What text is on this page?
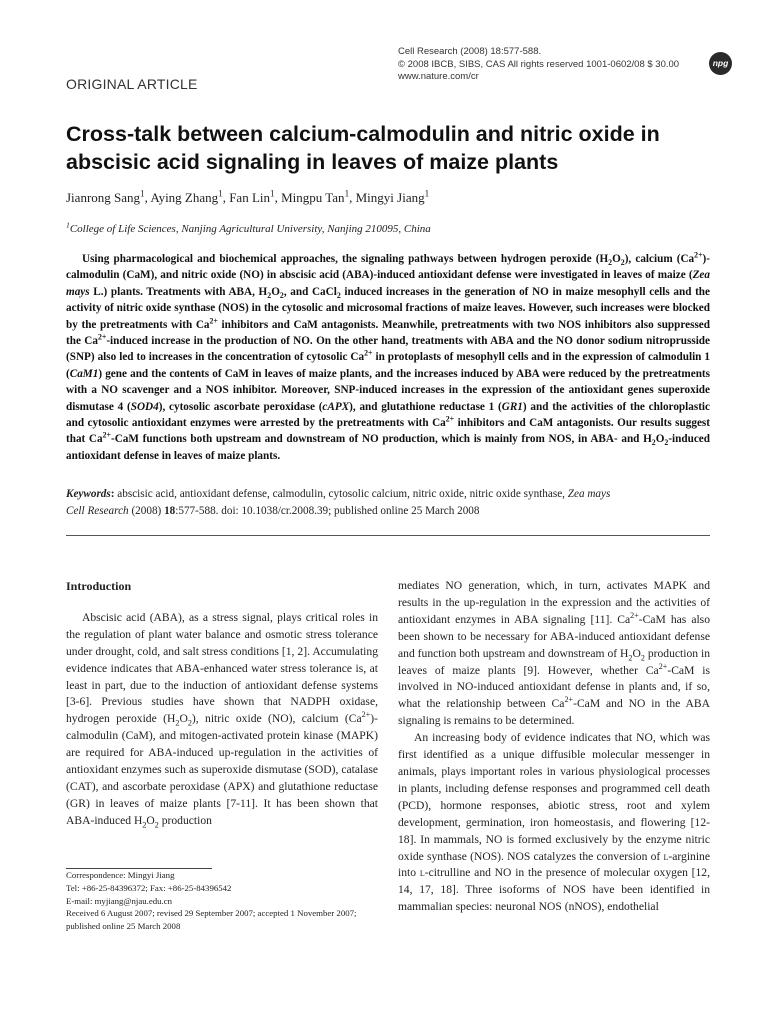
Cell Research (2008) 18:577-588.
© 2008 IBCB, SIBS, CAS All rights reserved 1001-0602/08 $ 30.00
www.nature.com/cr
npg
ORIGINAL ARTICLE
Cross-talk between calcium-calmodulin and nitric oxide in abscisic acid signaling in leaves of maize plants
Jianrong Sang$^1$, Aying Zhang$^1$, Fan Lin$^1$, Mingpu Tan$^1$, Mingyi Jiang$^1$
$^1$College of Life Sciences, Nanjing Agricultural University, Nanjing 210095, China
Using pharmacological and biochemical approaches, the signaling pathways between hydrogen peroxide $(H_2O_2)$, calcium $(Ca^{2+})$-calmodulin (CaM), and nitric oxide (NO) in abscisic acid (ABA)-induced antioxidant defense were investigated in leaves of maize (Zea mays L.) plants. Treatments with ABA, $H_2O_2$, and CaCl$_2$ induced increases in the generation of NO in maize mesophyll cells and the activity of nitric oxide synthase (NOS) in the cytosolic and microsomal fractions of maize leaves. However, such increases were blocked by the pretreatments with $Ca^{2+}$ inhibitors and CaM antagonists. Meanwhile, pretreatments with two NOS inhibitors also suppressed the $Ca^{2+}$-induced increase in the production of NO. On the other hand, treatments with ABA and the NO donor sodium nitroprusside (SNP) also led to increases in the concentration of cytosolic $Ca^{2+}$ in protoplasts of mesophyll cells and in the expression of calmodulin 1 (CaM1) gene and the contents of CaM in leaves of maize plants, and the increases induced by ABA were reduced by the pretreatments with a NO scavenger and a NOS inhibitor. Moreover, SNP-induced increases in the expression of the antioxidant genes superoxide dismutase 4 (SOD4), cytosolic ascorbate peroxidase (cAPX), and glutathione reductase 1 (GR1) and the activities of the chloroplastic and cytosolic antioxidant enzymes were arrested by the pretreatments with $Ca^{2+}$ inhibitors and CaM antagonists. Our results suggest that $Ca^{2+}$-CaM functions both upstream and downstream of NO production, which is mainly from NOS, in ABA- and $H_2O_2$-induced antioxidant defense in leaves of maize plants.
Keywords: abscisic acid, antioxidant defense, calmodulin, cytosolic calcium, nitric oxide, nitric oxide synthase, Zea mays
Cell Research (2008) 18:577-588. doi: 10.1038/cr.2008.39; published online 25 March 2008
Introduction

Abscisic acid (ABA), as a stress signal, plays critical roles in the regulation of plant water balance and osmotic stress tolerance under drought, cold, and salt stress conditions [1, 2]. Accumulating evidence indicates that ABA-enhanced water stress tolerance is, at least in part, due to the induction of antioxidant defense systems [3-6]. Previous studies have shown that NADPH oxidase, hydrogen peroxide $(H_2O_2)$, nitric oxide (NO), calcium $(Ca^{2+})$-calmodulin (CaM), and mitogen-activated protein kinase (MAPK) are required for ABA-induced up-regulation in the activities of antioxidant enzymes such as superoxide dismutase (SOD), catalase (CAT), and ascorbate peroxidase (APX) and glutathione reductase (GR) in leaves of maize plants [7-11]. It has been shown that ABA-induced $H_2O_2$ production

mediates NO generation, which, in turn, activates MAPK and results in the up-regulation in the expression and the activities of antioxidant enzymes in ABA signaling [11]. $Ca^{2+}$-CaM has also been shown to be necessary for ABA-induced antioxidant defense and function both upstream and downstream of $H_2O_2$ production in leaves of maize plants [9]. However, whether $Ca^{2+}$-CaM is involved in NO-induced antioxidant defense in plants and, if so, what the relationship between $Ca^{2+}$-CaM and NO in the ABA signaling is remains to be determined.

An increasing body of evidence indicates that NO, which was first identified as a unique diffusible molecular messenger in animals, plays important roles in various physiological processes in plants, including defense responses and programmed cell death (PCD), hormone responses, abiotic stress, root and xylem development, germination, iron homeostasis, and flowering [12-18]. In mammals, NO is formed exclusively by the enzyme nitric oxide synthase (NOS). NOS catalyzes the conversion of l-arginine into l-citrulline and NO in the presence of molecular oxygen [12, 14, 17, 18]. Three isoforms of NOS have been identified in mammalian species: neuronal NOS (nNOS), endothelial

Correspondence: Mingyi Jiang
Tel: +86-25-84396372; Fax: +86-25-84396542
E-mail: myjiang@njau.edu.cn
Received 6 August 2007; revised 29 September 2007; accepted 1 November 2007; published online 25 March 2008
